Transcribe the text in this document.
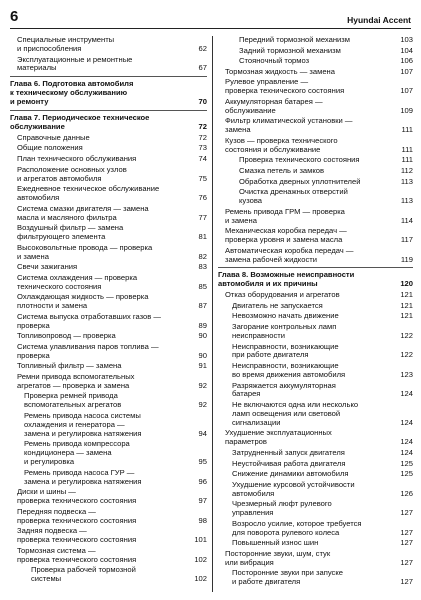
6	Hyundai Accent
Специальные инструменты
и приспособления	62
Эксплуатационные и ремонтные
материалы	67
Глава 6. Подготовка автомобиля
к техническому обслуживанию
и ремонту	70
Глава 7. Периодическое техническое
обслуживание	72
Справочные данные	72
Общие положения	73
План технического обслуживания	74
Расположение основных узлов
и агрегатов автомобиля	75
Ежедневное техническое обслуживание
автомобиля	76
Система смазки двигателя — замена
масла и масляного фильтра	77
Воздушный фильтр — замена
фильтрующего элемента	81
Высоковольтные провода — проверка
и замена	82
Свечи зажигания	83
Система охлаждения — проверка
технического состояния	85
Охлаждающая жидкость — проверка
плотности и замена	87
Система выпуска отработавших газов —
проверка	89
Топливопровод — проверка	90
Система улавливания паров топлива —
проверка	90
Топливный фильтр — замена	91
Ремни привода вспомогательных
агрегатов — проверка и замена	92
Проверка ремней привода
вспомогательных агрегатов	92
Ремень привода насоса системы
охлаждения и генератора —
замена и регулировка натяжения	94
Ремень привода компрессора
кондиционера — замена
и регулировка	95
Ремень привода насоса ГУР —
замена и регулировка натяжения	96
Диски и шины —
проверка технического состояния	97
Передняя подвеска —
проверка технического состояния	98
Задняя подвеска —
проверка технического состояния	101
Тормозная система —
проверка технического состояния	102
Проверка рабочей тормозной
системы	102
Передний тормозной механизм	103
Задний тормозной механизм	104
Стояночный тормоз	106
Тормозная жидкость — замена	107
Рулевое управление —
проверка технического состояния	107
Аккумуляторная батарея —
обслуживание	109
Фильтр климатической установки —
замена	111
Кузов — проверка технического
состояния и обслуживание	111
Проверка технического состояния	111
Смазка петель и замков	112
Обработка дверных уплотнителей	113
Очистка дренажных отверстий
кузова	113
Ремень привода ГРМ — проверка
и замена	114
Механическая коробка передач —
проверка уровня и замена масла	117
Автоматическая коробка передач —
замена рабочей жидкости	119
Глава 8. Возможные неисправности
автомобиля и их причины	120
Отказ оборудования и агрегатов	121
Двигатель не запускается	121
Невозможно начать движение	121
Загорание контрольных ламп
неисправности	122
Неисправности, возникающие
при работе двигателя	122
Неисправности, возникающие
во время движения автомобиля	123
Разряжается аккумуляторная
батарея	124
Не включаются одна или несколько
ламп освещения или световой
сигнализации	124
Ухудшение эксплуатационных
параметров	124
Затрудненный запуск двигателя	124
Неустойчивая работа двигателя	125
Снижение динамики автомобиля	125
Ухудшение курсовой устойчивости
автомобиля	126
Чрезмерный люфт рулевого
управления	127
Возросло усилие, которое требуется
для поворота рулевого колеса	127
Повышенный износ шин	127
Посторонние звуки, шум, стук
или вибрация	127
Посторонние звуки при запуске
и работе двигателя	127
